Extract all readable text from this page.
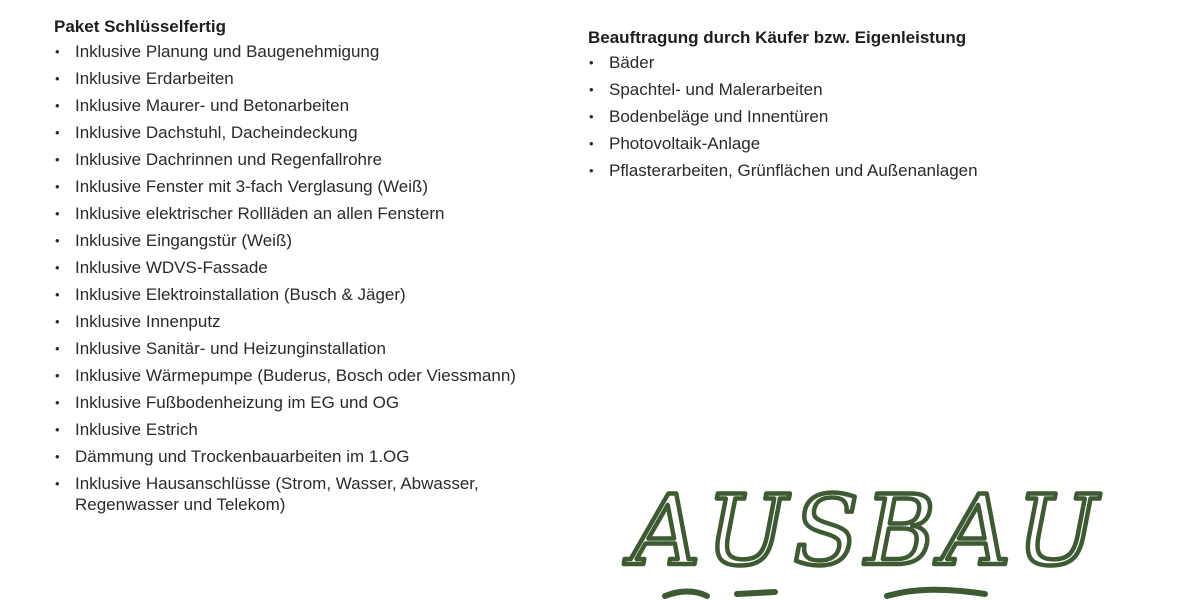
Paket Schlüsselfertig
• Inklusive Planung und Baugenehmigung
• Inklusive Erdarbeiten
• Inklusive Maurer- und Betonarbeiten
• Inklusive Dachstuhl, Dacheindeckung
• Inklusive Dachrinnen und Regenfallrohre
• Inklusive Fenster mit 3-fach Verglasung (Weiß)
• Inklusive elektrischer Rollläden an allen Fenstern
• Inklusive Eingangstür (Weiß)
• Inklusive WDVS-Fassade
• Inklusive Elektroinstallation (Busch & Jäger)
• Inklusive Innenputz
• Inklusive Sanitär- und Heizunginstallation
• Inklusive Wärmepumpe (Buderus, Bosch oder Viessmann)
• Inklusive Fußbodenheizung im EG und OG
• Inklusive Estrich
• Dämmung und Trockenbauarbeiten im 1.OG
• Inklusive Hausanschlüsse (Strom, Wasser, Abwasser, Regenwasser und Telekom)
Beauftragung durch Käufer bzw. Eigenleistung
• Bäder
• Spachtel- und Malerarbeiten
• Bodenbeläge und Innentüren
• Photovoltaik-Anlage
• Pflasterarbeiten, Grünflächen und Außenanlagen
AUSBAU
